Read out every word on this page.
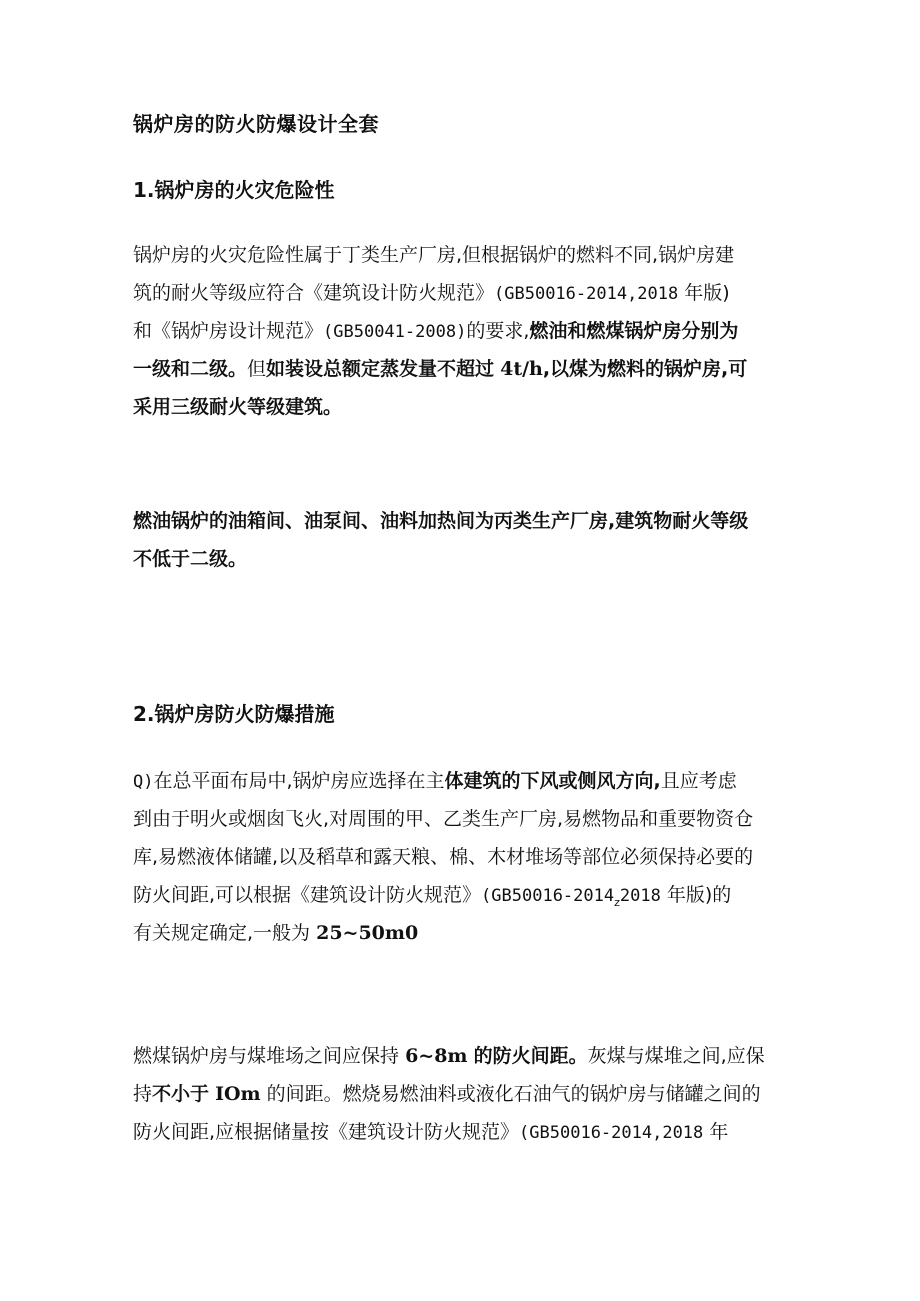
锅炉房的防火防爆设计全套
1.锅炉房的火灾危险性
锅炉房的火灾危险性属于丁类生产厂房,但根据锅炉的燃料不同,锅炉房建
筑的耐火等级应符合《建筑设计防火规范》(GB50016-2014,2018 年版)
和《锅炉房设计规范》(GB50041-2008)的要求,燃油和燃煤锅炉房分别为
一级和二级。但如装设总额定蒸发量不超过 4t/h,以煤为燃料的锅炉房,可
采用三级耐火等级建筑。
燃油锅炉的油箱间、油泵间、油料加热间为丙类生产厂房,建筑物耐火等级
不低于二级。
2.锅炉房防火防爆措施
Q)在总平面布局中,锅炉房应选择在主体建筑的下风或侧风方向,且应考虑
到由于明火或烟囱飞火,对周围的甲、乙类生产厂房,易燃物品和重要物资仓
库,易燃液体储罐,以及稻草和露天粮、棉、木材堆场等部位必须保持必要的
防火间距,可以根据《建筑设计防火规范》($GB50016-2014_z2018$ 年版)的
有关规定确定,一般为 25~50m0
燃煤锅炉房与煤堆场之间应保持 6~8m 的防火间距。灰煤与煤堆之间,应保
持不小于 IOm 的间距。燃烧易燃油料或液化石油气的锅炉房与储罐之间的
防火间距,应根据储量按《建筑设计防火规范》(GB50016-2014,2018 年
